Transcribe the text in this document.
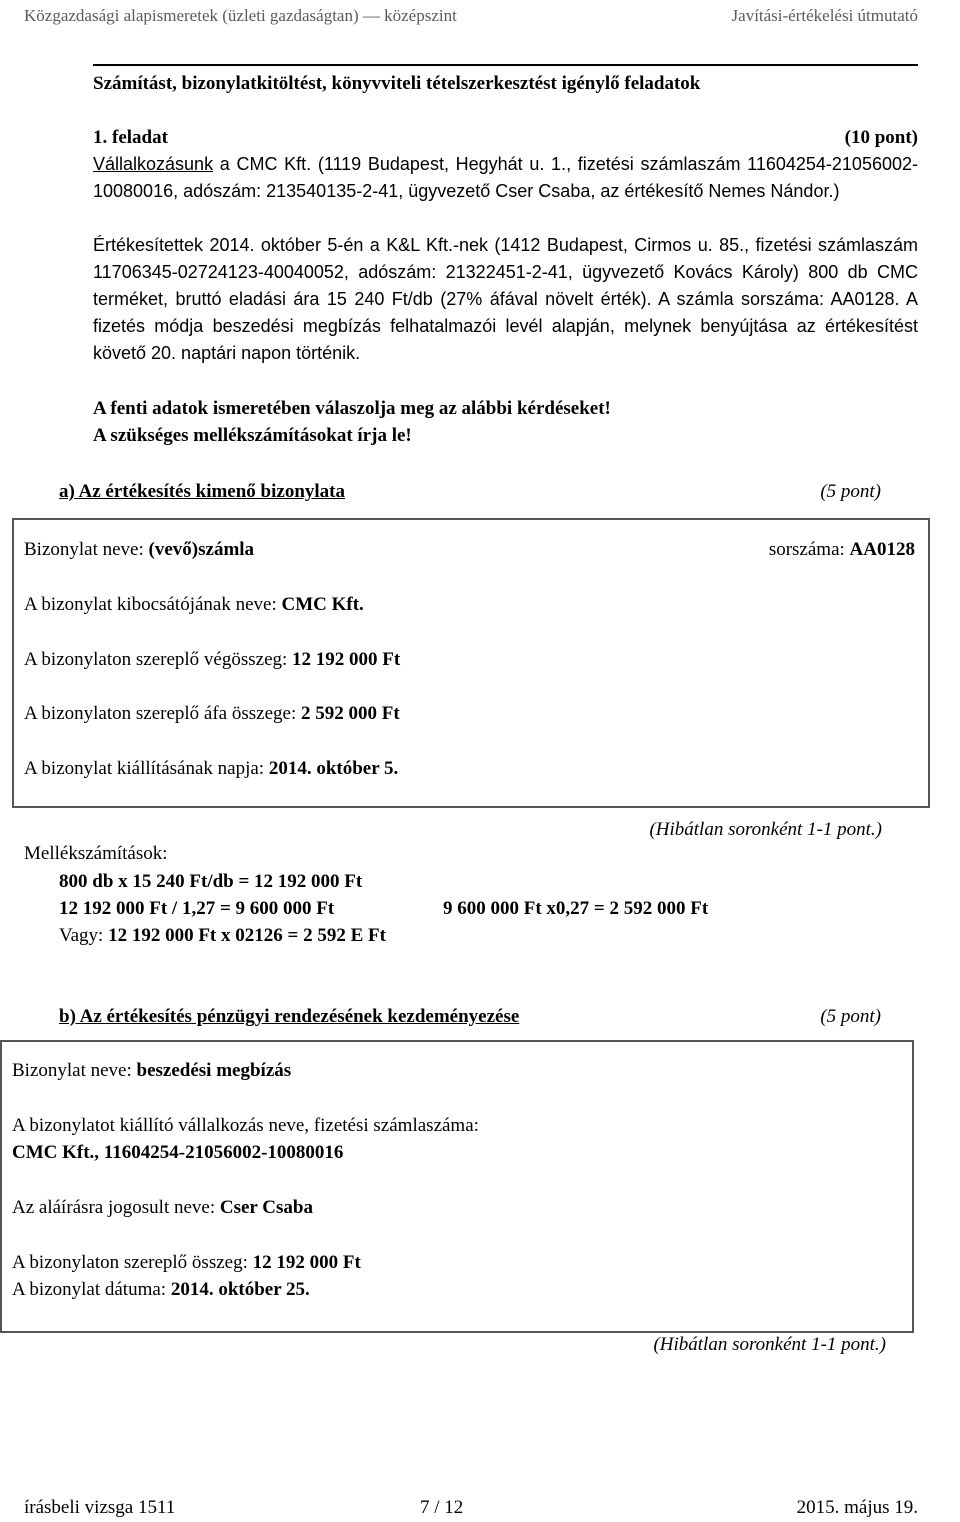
Közgazdasági alapismeretek (üzleti gazdaságtan) — középszint	Javítási-értékelési útmutató
Számítást, bizonylatkitöltést, könyvviteli tételszerkesztést igénylő feladatok
1. feladat	(10 pont)
Vállalkozásunk a CMC Kft. (1119 Budapest, Hegyhát u. 1., fizetési számlaszám 11604254-21056002-10080016, adószám: 213540135-2-41, ügyvezető Cser Csaba, az értékesítő Nemes Nándor.)
Értékesítettek 2014. október 5-én a K&L Kft.-nek (1412 Budapest, Cirmos u. 85., fizetési számlaszám 11706345-02724123-40040052, adószám: 21322451-2-41, ügyvezető Kovács Károly) 800 db CMC terméket, bruttó eladási ára 15 240 Ft/db (27% áfával növelt érték). A számla sorszáma: AA0128. A fizetés módja beszedési megbízás felhatalmazói levél alapján, melynek benyújtása az értékesítést követő 20. naptári napon történik.
A fenti adatok ismeretében válaszolja meg az alábbi kérdéseket!
A szükséges mellékszámításokat írja le!
a) Az értékesítés kimenő bizonylata	(5 pont)
Bizonylat neve: (vevő)számla	sorszáma: AA0128
A bizonylat kibocsátójának neve: CMC Kft.
A bizonylaton szereplő végösszeg: 12 192 000 Ft
A bizonylaton szereplő áfa összege: 2 592 000 Ft
A bizonylat kiállításának napja: 2014. október 5.
(Hibátlan soronként 1-1 pont.)
Mellékszámítások:
800 db x 15 240 Ft/db = 12 192 000 Ft
12 192 000 Ft / 1,27 = 9 600 000 Ft	9 600 000 Ft x0,27 = 2 592 000 Ft
Vagy: 12 192 000 Ft x 02126 = 2 592 E Ft
b) Az értékesítés pénzügyi rendezésének kezdeményezése	(5 pont)
Bizonylat neve: beszedési megbízás
A bizonylatot kiállító vállalkozás neve, fizetési számlaszáma:
CMC Kft., 11604254-21056002-10080016
Az aláírásra jogosult neve: Cser Csaba
A bizonylaton szereplő összeg: 12 192 000 Ft
A bizonylat dátuma: 2014. október 25.
(Hibátlan soronként 1-1 pont.)
írásbeli vizsga 1511	7 / 12	2015. május 19.
